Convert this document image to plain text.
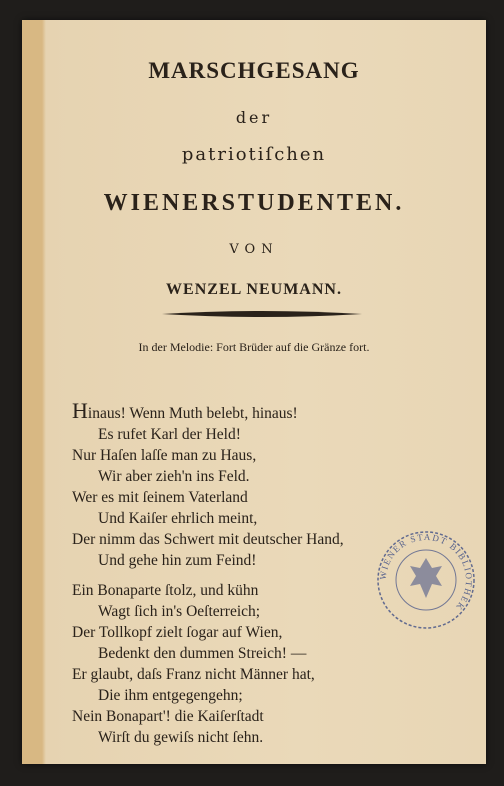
MARSCHGESANG
der
patriotiſchen
WIENERSTUDENTEN.
VON
WENZEL NEUMANN.
In der Melodie: Fort Brüder auf die Gränze fort.
Hinaus! Wenn Muth belebt, hinaus!
Es rufet Karl der Held!
Nur Haſen laſſe man zu Haus,
Wir aber zieh'n ins Feld.
Wer es mit ſeinem Vaterland
Und Kaiſer ehrlich meint,
Der nimm das Schwert mit deutscher Hand,
Und gehe hin zum Feind!
Ein Bonaparte ſtolz, und kühn
Wagt ſich in's Oeſterreich;
Der Tollkopf zielt ſogar auf Wien,
Bedenkt den dummen Streich! —
Er glaubt, daſs Franz nicht Männer hat,
Die ihm entgegengehn;
Nein Bonapart'! die Kaiſerſtadt
Wirſt du gewiſs nicht ſehn.
WIENER STADT BIBLIOTHEK
